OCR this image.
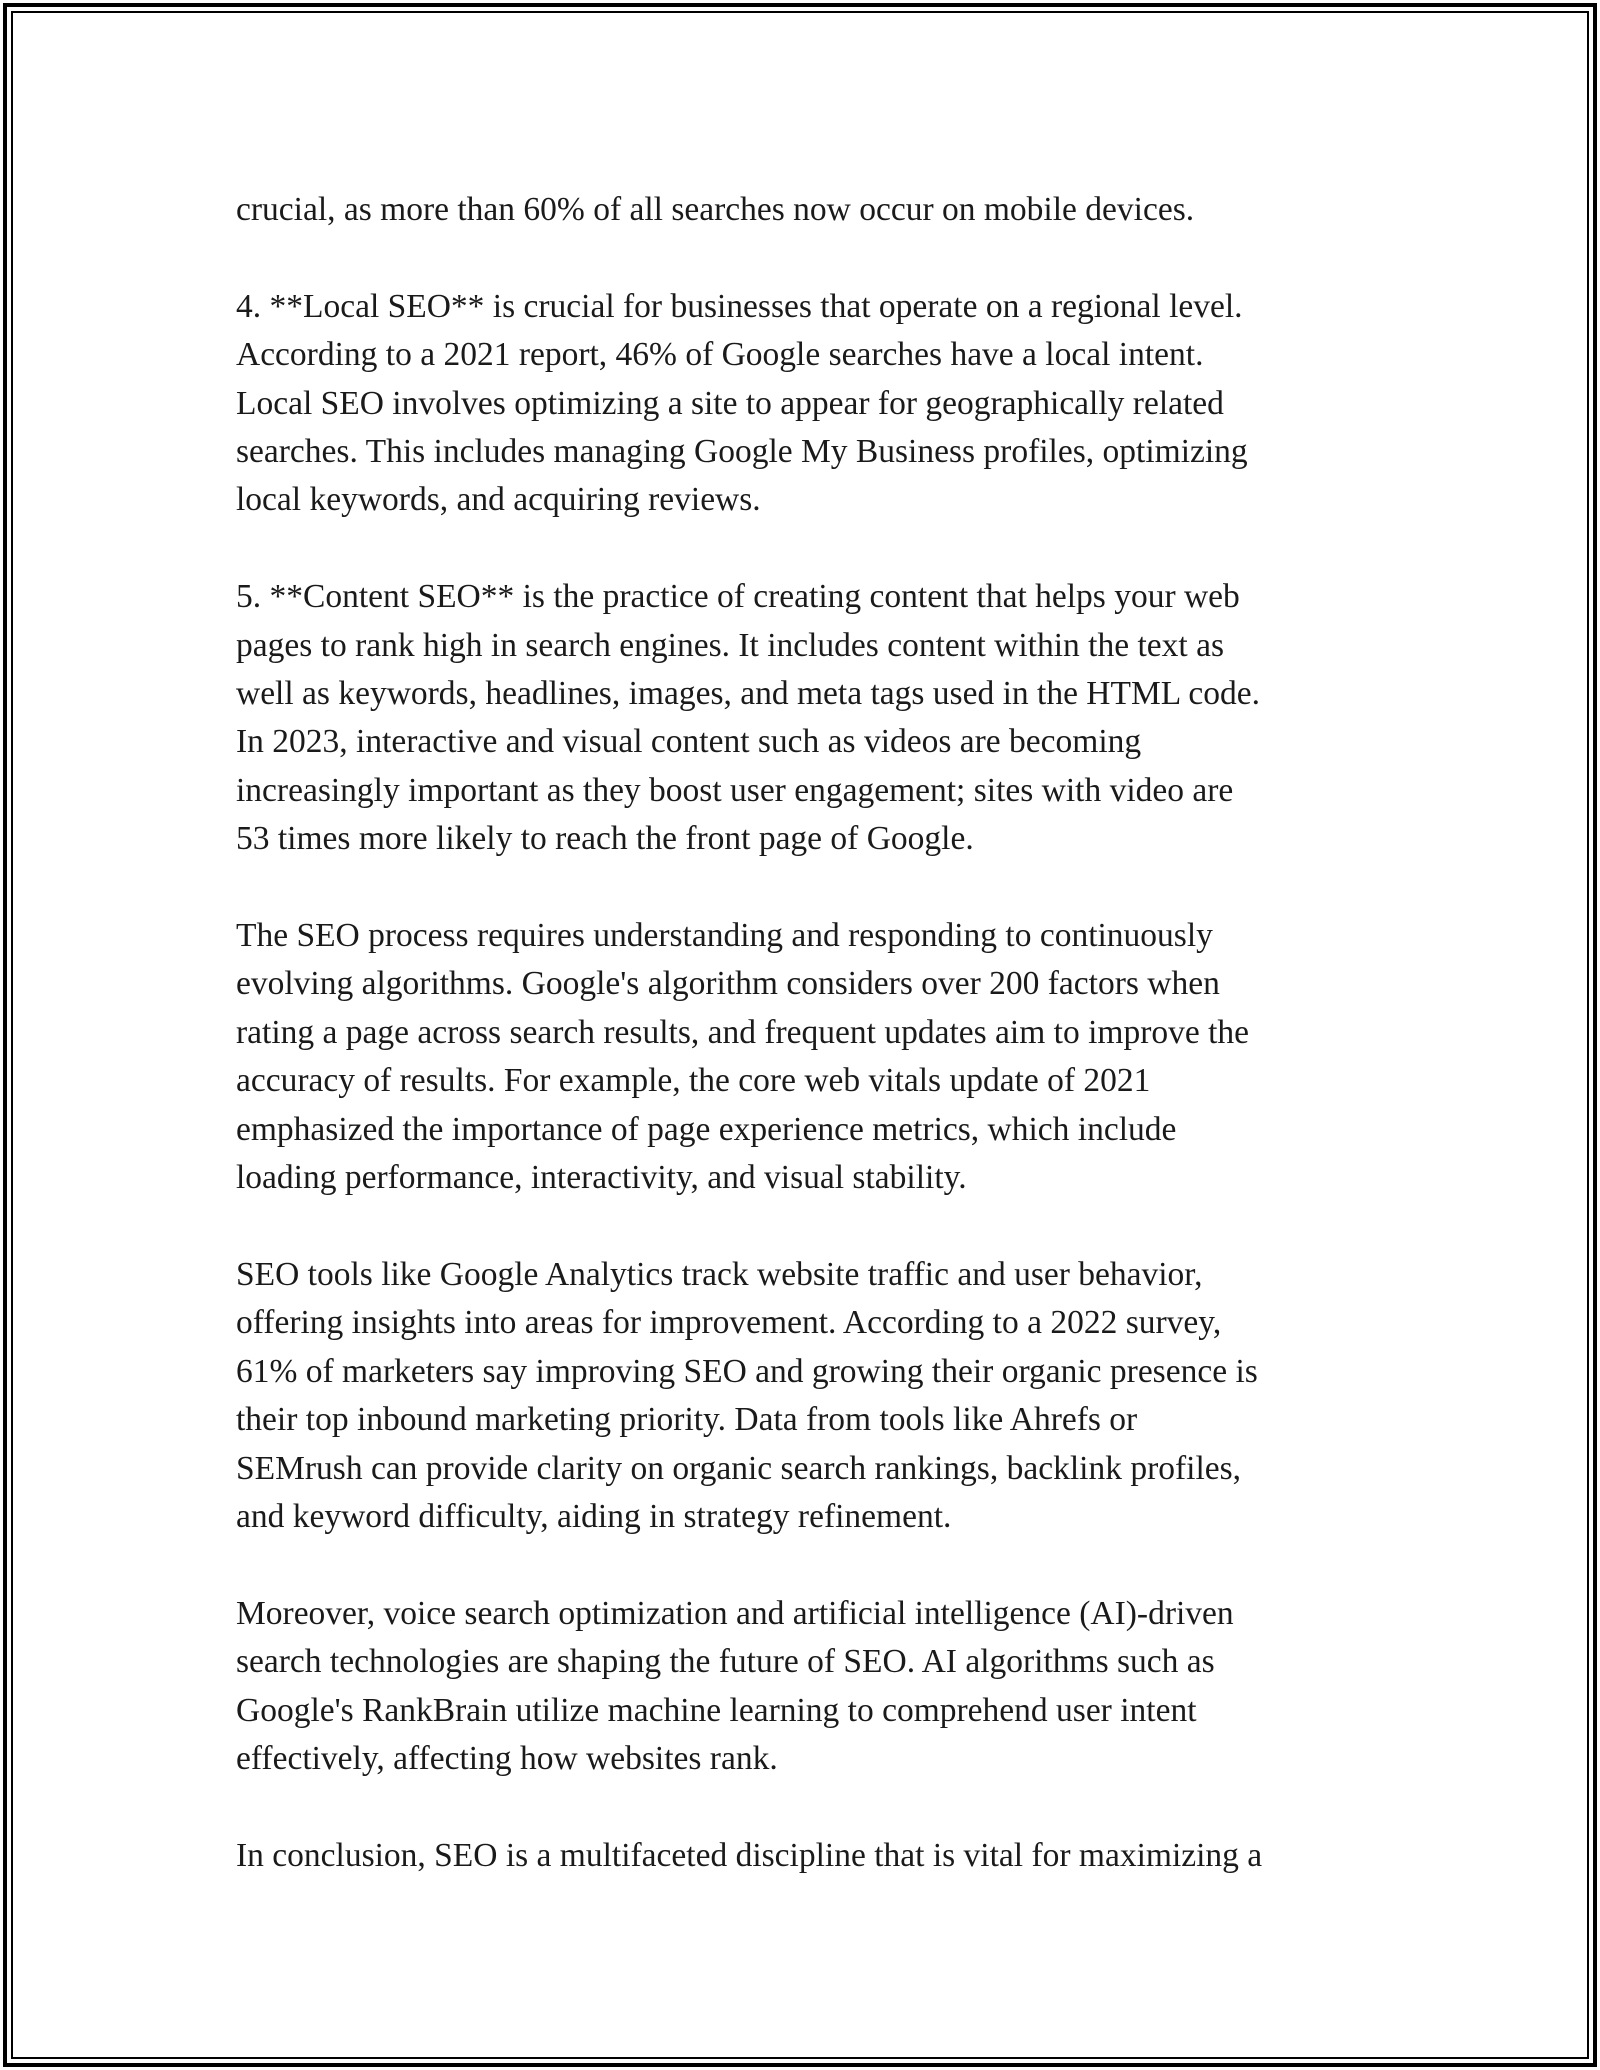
crucial, as more than 60% of all searches now occur on mobile devices.

4. **Local SEO** is crucial for businesses that operate on a regional level.
According to a 2021 report, 46% of Google searches have a local intent.
Local SEO involves optimizing a site to appear for geographically related
searches. This includes managing Google My Business profiles, optimizing
local keywords, and acquiring reviews.

5. **Content SEO** is the practice of creating content that helps your web
pages to rank high in search engines. It includes content within the text as
well as keywords, headlines, images, and meta tags used in the HTML code.
In 2023, interactive and visual content such as videos are becoming
increasingly important as they boost user engagement; sites with video are
53 times more likely to reach the front page of Google.

The SEO process requires understanding and responding to continuously
evolving algorithms. Google's algorithm considers over 200 factors when
rating a page across search results, and frequent updates aim to improve the
accuracy of results. For example, the core web vitals update of 2021
emphasized the importance of page experience metrics, which include
loading performance, interactivity, and visual stability.

SEO tools like Google Analytics track website traffic and user behavior,
offering insights into areas for improvement. According to a 2022 survey,
61% of marketers say improving SEO and growing their organic presence is
their top inbound marketing priority. Data from tools like Ahrefs or
SEMrush can provide clarity on organic search rankings, backlink profiles,
and keyword difficulty, aiding in strategy refinement.

Moreover, voice search optimization and artificial intelligence (AI)-driven
search technologies are shaping the future of SEO. AI algorithms such as
Google's RankBrain utilize machine learning to comprehend user intent
effectively, affecting how websites rank.

In conclusion, SEO is a multifaceted discipline that is vital for maximizing a
